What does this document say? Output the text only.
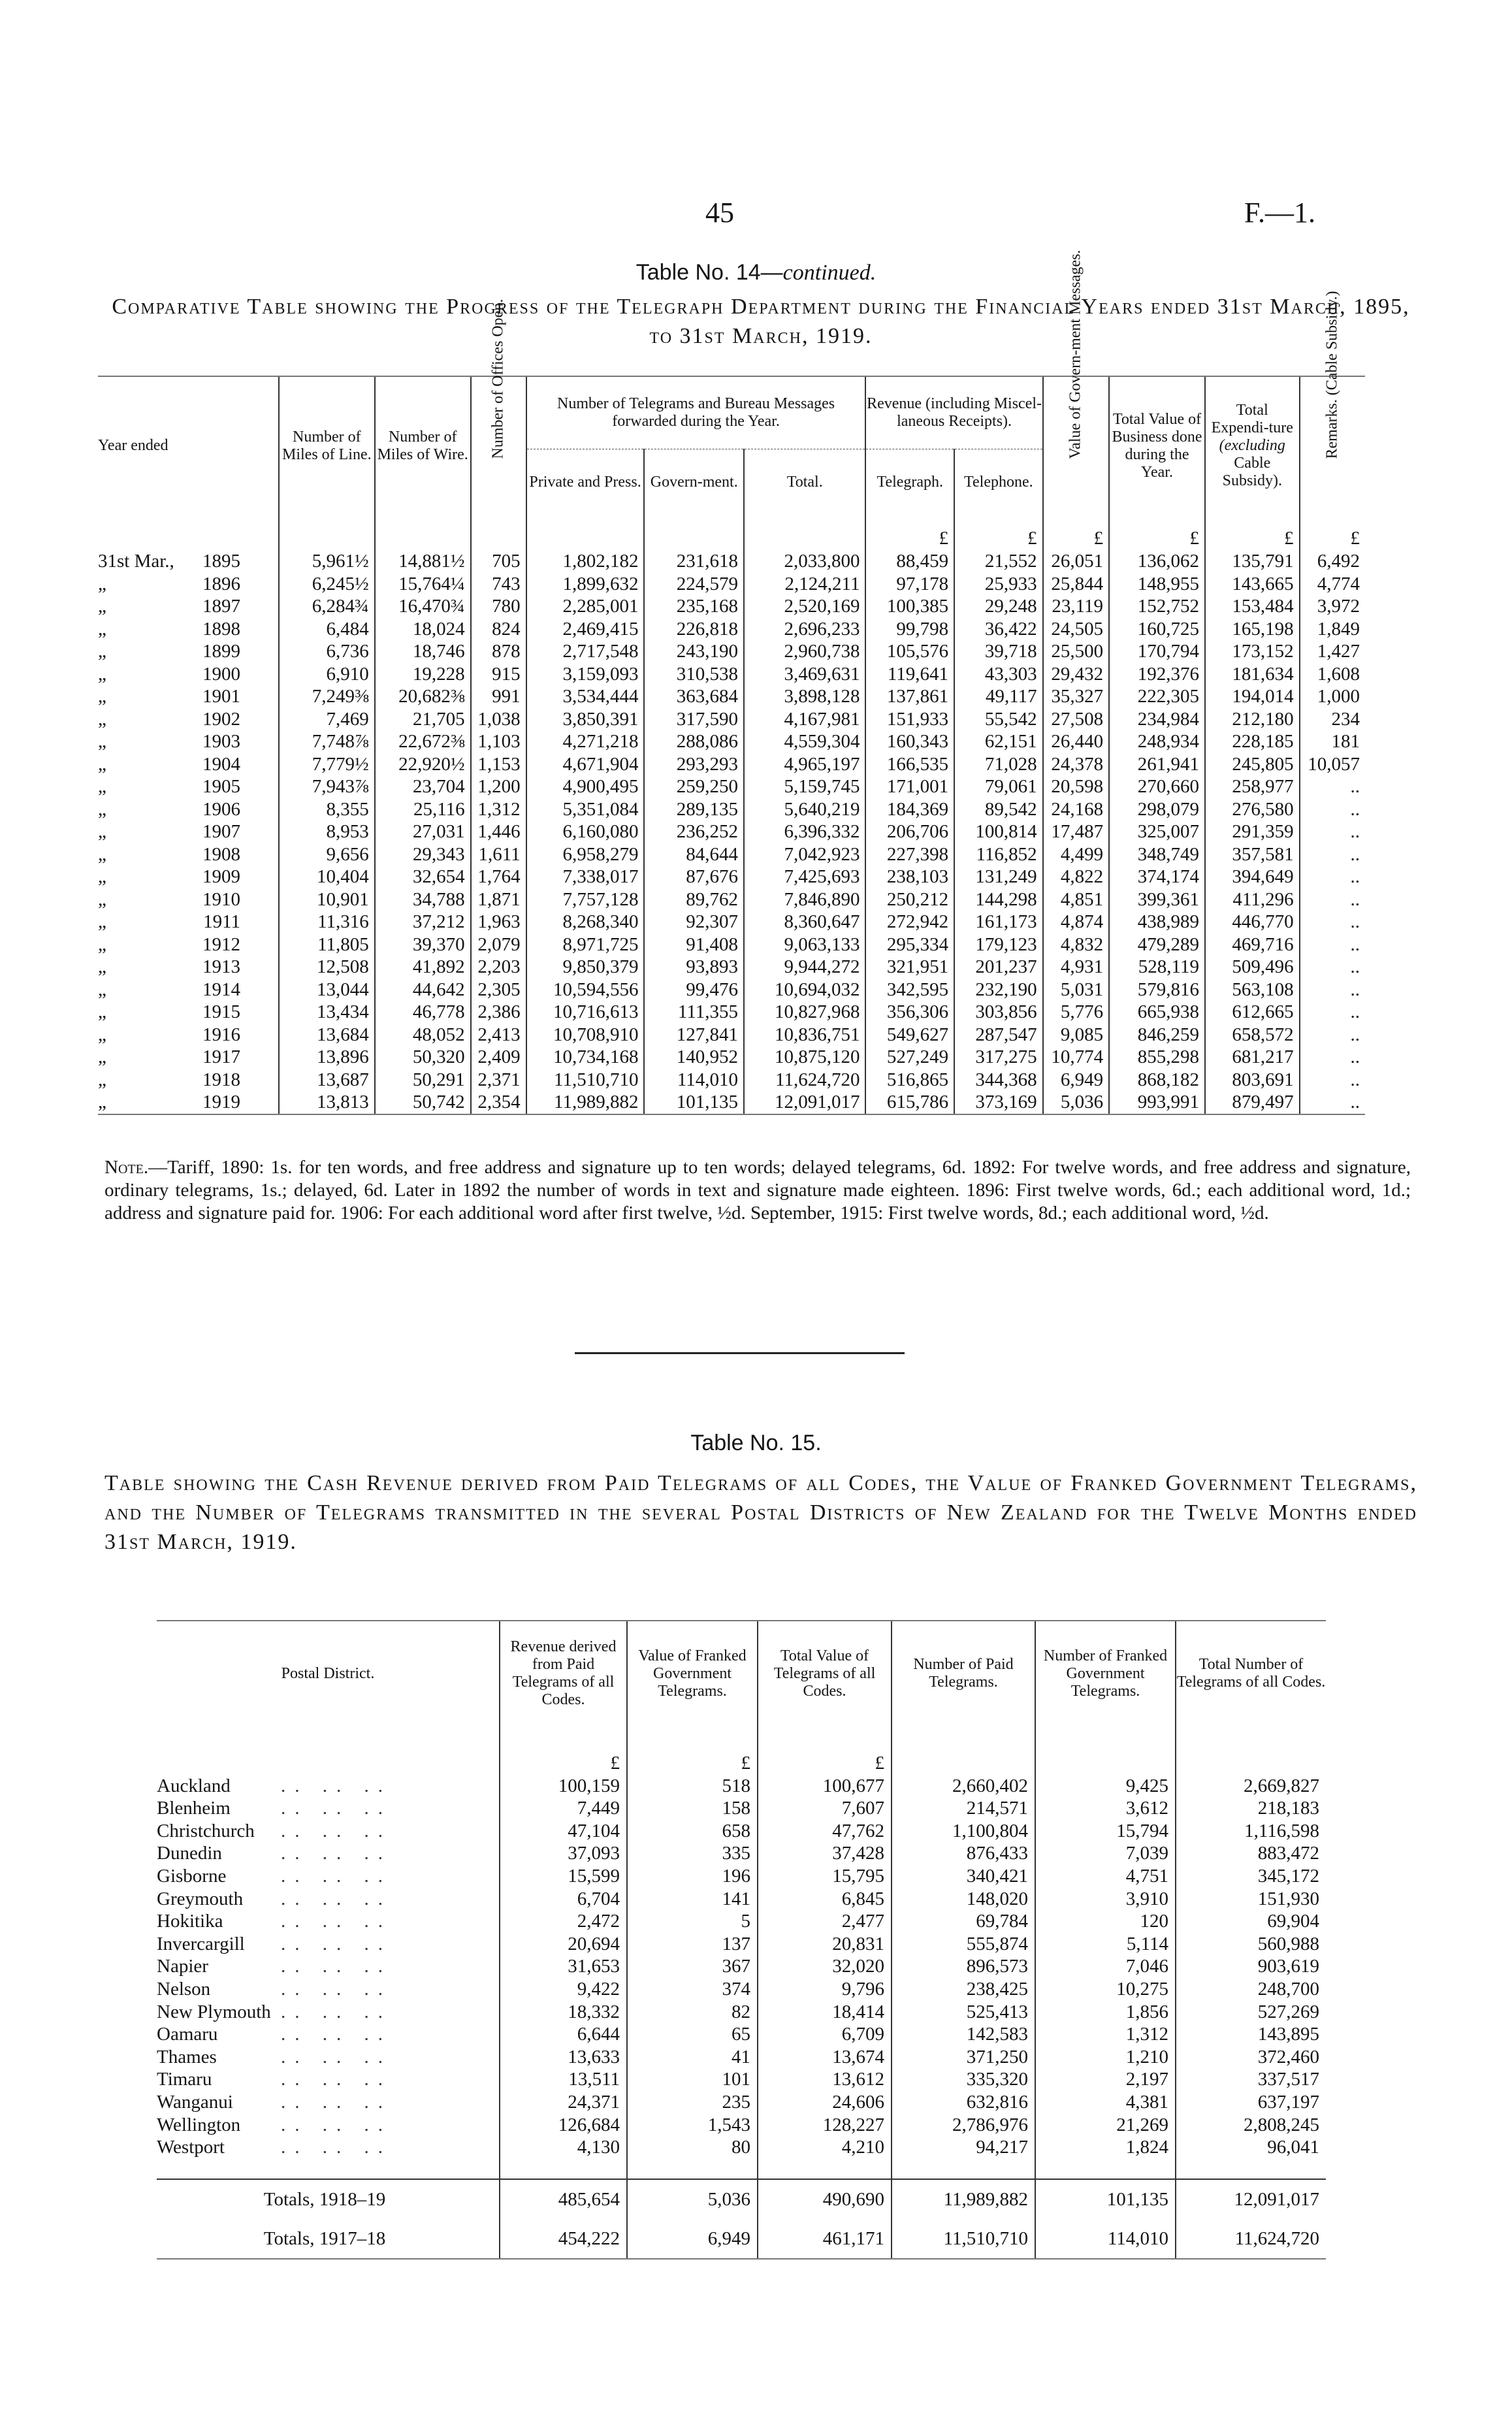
45	F.—1.
Table No. 14—continued.
Comparative Table showing the Progress of the Telegraph Department during the Financial Years ended 31st March, 1895, to 31st March, 1919.
Year ended	Number of Miles of Line.	Number of Miles of Wire.	Number of Offices Open.	Number of Telegrams and Bureau Messages forwarded during the Year.			Revenue (including Miscel-laneous Receipts).		Value of Govern-ment Messages.	Total Value of Business done during the Year.	Total Expendi-ture
(excluding
Cable Subsidy).	Remarks. (Cable Subsidy.)

				Private and Press.	Govern-ment.	Total.	Telegraph.	Telephone.				
							£	£	£	£	£	£
31st Mar., 1895	5,961½	14,881½	705	1,802,182	231,618	2,033,800	88,459	21,552	26,051	136,062	135,791	6,492
„ 1896	6,245½	15,764¼	743	1,899,632	224,579	2,124,211	97,178	25,933	25,844	148,955	143,665	4,774
„ 1897	6,284¾	16,470¾	780	2,285,001	235,168	2,520,169	100,385	29,248	23,119	152,752	153,484	3,972
„ 1898	6,484	18,024	824	2,469,415	226,818	2,696,233	99,798	36,422	24,505	160,725	165,198	1,849
„ 1899	6,736	18,746	878	2,717,548	243,190	2,960,738	105,576	39,718	25,500	170,794	173,152	1,427
„ 1900	6,910	19,228	915	3,159,093	310,538	3,469,631	119,641	43,303	29,432	192,376	181,634	1,608
„ 1901	7,249⅜	20,682⅜	991	3,534,444	363,684	3,898,128	137,861	49,117	35,327	222,305	194,014	1,000
„ 1902	7,469	21,705	1,038	3,850,391	317,590	4,167,981	151,933	55,542	27,508	234,984	212,180	234
„ 1903	7,748⅞	22,672⅜	1,103	4,271,218	288,086	4,559,304	160,343	62,151	26,440	248,934	228,185	181
„ 1904	7,779½	22,920½	1,153	4,671,904	293,293	4,965,197	166,535	71,028	24,378	261,941	245,805	10,057
„ 1905	7,943⅞	23,704	1,200	4,900,495	259,250	5,159,745	171,001	79,061	20,598	270,660	258,977	..
„ 1906	8,355	25,116	1,312	5,351,084	289,135	5,640,219	184,369	89,542	24,168	298,079	276,580	..
„ 1907	8,953	27,031	1,446	6,160,080	236,252	6,396,332	206,706	100,814	17,487	325,007	291,359	..
„ 1908	9,656	29,343	1,611	6,958,279	84,644	7,042,923	227,398	116,852	4,499	348,749	357,581	..
„ 1909	10,404	32,654	1,764	7,338,017	87,676	7,425,693	238,103	131,249	4,822	374,174	394,649	..
„ 1910	10,901	34,788	1,871	7,757,128	89,762	7,846,890	250,212	144,298	4,851	399,361	411,296	..
„ 1911	11,316	37,212	1,963	8,268,340	92,307	8,360,647	272,942	161,173	4,874	438,989	446,770	..
„ 1912	11,805	39,370	2,079	8,971,725	91,408	9,063,133	295,334	179,123	4,832	479,289	469,716	..
„ 1913	12,508	41,892	2,203	9,850,379	93,893	9,944,272	321,951	201,237	4,931	528,119	509,496	..
„ 1914	13,044	44,642	2,305	10,594,556	99,476	10,694,032	342,595	232,190	5,031	579,816	563,108	..
„ 1915	13,434	46,778	2,386	10,716,613	111,355	10,827,968	356,306	303,856	5,776	665,938	612,665	..
„ 1916	13,684	48,052	2,413	10,708,910	127,841	10,836,751	549,627	287,547	9,085	846,259	658,572	..
„ 1917	13,896	50,320	2,409	10,734,168	140,952	10,875,120	527,249	317,275	10,774	855,298	681,217	..
„ 1918	13,687	50,291	2,371	11,510,710	114,010	11,624,720	516,865	344,368	6,949	868,182	803,691	..
„ 1919	13,813	50,742	2,354	11,989,882	101,135	12,091,017	615,786	373,169	5,036	993,991	879,497	..
Note.—Tariff, 1890: 1s. for ten words, and free address and signature up to ten words; delayed telegrams, 6d. 1892: For twelve words, and free address and signature, ordinary telegrams, 1s.; delayed, 6d. Later in 1892 the number of words in text and signature made eighteen. 1896: First twelve words, 6d.; each additional word, 1d.; address and signature paid for. 1906: For each additional word after first twelve, ½d. September, 1915: First twelve words, 8d.; each additional word, ½d.
Table No. 15.
Table showing the Cash Revenue derived from Paid Telegrams of all Codes, the Value of Franked Government Telegrams, and the Number of Telegrams transmitted in the several Postal Districts of New Zealand for the Twelve Months ended 31st March, 1919.
Postal District.	Revenue derived from Paid Telegrams of all Codes.	Value of Franked Government Telegrams.	Total Value of Telegrams of all Codes.	Number of Paid Telegrams.	Number of Franked Government Telegrams.	Total Number of Telegrams of all Codes.
	£	£	£			
Auckland .. .. ..	100,159	518	100,677	2,660,402	9,425	2,669,827
Blenheim .. .. ..	7,449	158	7,607	214,571	3,612	218,183
Christchurch .. .. ..	47,104	658	47,762	1,100,804	15,794	1,116,598
Dunedin .. .. ..	37,093	335	37,428	876,433	7,039	883,472
Gisborne .. .. ..	15,599	196	15,795	340,421	4,751	345,172
Greymouth .. .. ..	6,704	141	6,845	148,020	3,910	151,930
Hokitika .. .. ..	2,472	5	2,477	69,784	120	69,904
Invercargill .. .. ..	20,694	137	20,831	555,874	5,114	560,988
Napier .. .. ..	31,653	367	32,020	896,573	7,046	903,619
Nelson .. .. ..	9,422	374	9,796	238,425	10,275	248,700
New Plymouth .. .. ..	18,332	82	18,414	525,413	1,856	527,269
Oamaru .. .. ..	6,644	65	6,709	142,583	1,312	143,895
Thames .. .. ..	13,633	41	13,674	371,250	1,210	372,460
Timaru .. .. ..	13,511	101	13,612	335,320	2,197	337,517
Wanganui .. .. ..	24,371	235	24,606	632,816	4,381	637,197
Wellington .. .. ..	126,684	1,543	128,227	2,786,976	21,269	2,808,245
Westport .. .. ..	4,130	80	4,210	94,217	1,824	96,041
Totals, 1918–19	485,654	5,036	490,690	11,989,882	101,135	12,091,017
Totals, 1917–18	454,222	6,949	461,171	11,510,710	114,010	11,624,720
